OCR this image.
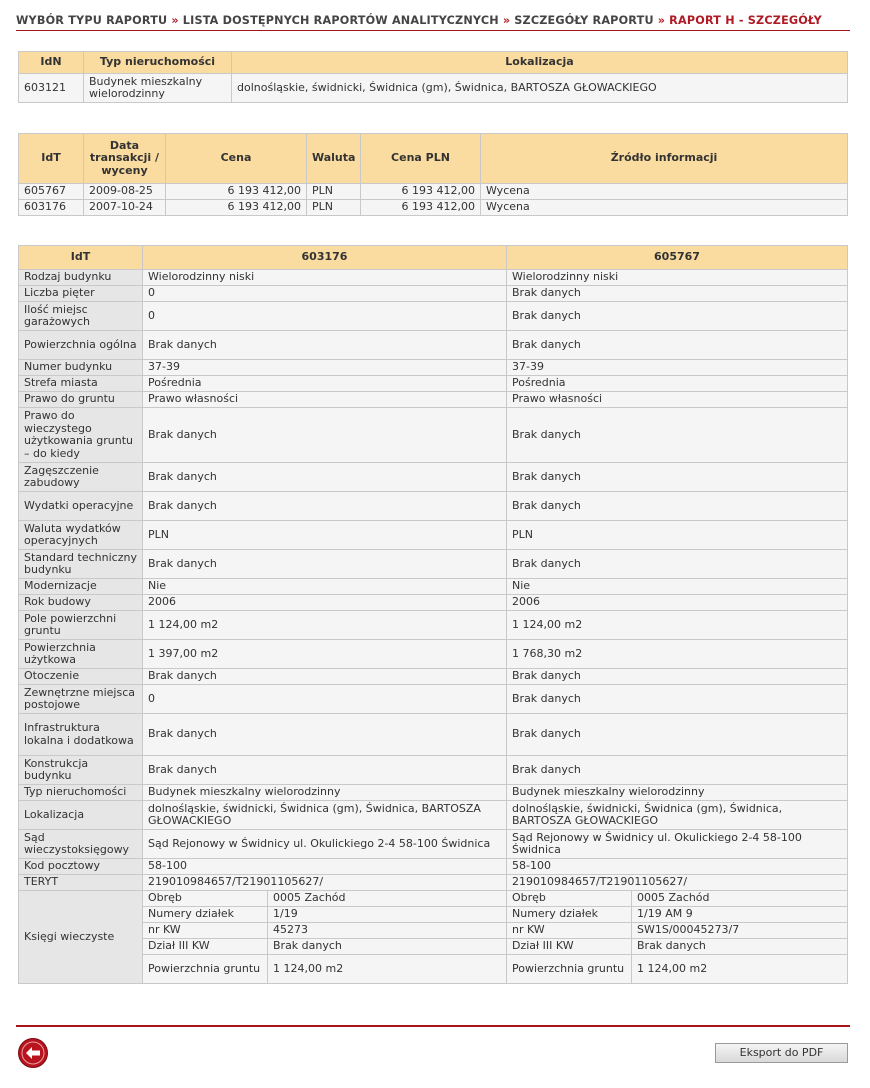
WYBÓR TYPU RAPORTU » LISTA DOSTĘPNYCH RAPORTÓW ANALITYCZNYCH » SZCZEGÓŁY RAPORTU » RAPORT H - SZCZEGÓŁY
IdN	Typ nieruchomości	Lokalizacja
603121	Budynek mieszkalny wielorodzinny	dolnośląskie, świdnicki, Świdnica (gm), Świdnica, BARTOSZA GŁOWACKIEGO
IdT	Data transakcji / wyceny	Cena	Waluta	Cena PLN	Źródło informacji
605767	2009-08-25	6 193 412,00	PLN	6 193 412,00	Wycena
603176	2007-10-24	6 193 412,00	PLN	6 193 412,00	Wycena
IdT	603176		605767	
Rodzaj budynku	Wielorodzinny niski		Wielorodzinny niski	
Liczba pięter	0		Brak danych	
Ilość miejsc garażowych	0		Brak danych	
Powierzchnia ogólna	Brak danych		Brak danych	
Numer budynku	37-39		37-39	
Strefa miasta	Pośrednia		Pośrednia	
Prawo do gruntu	Prawo własności		Prawo własności	
Prawo do wieczystego użytkowania gruntu – do kiedy	Brak danych		Brak danych	
Zagęszczenie zabudowy	Brak danych		Brak danych	
Wydatki operacyjne	Brak danych		Brak danych	
Waluta wydatków operacyjnych	PLN		PLN	
Standard techniczny budynku	Brak danych		Brak danych	
Modernizacje	Nie		Nie	
Rok budowy	2006		2006	
Pole powierzchni gruntu	1 124,00 m2		1 124,00 m2	
Powierzchnia użytkowa	1 397,00 m2		1 768,30 m2	
Otoczenie	Brak danych		Brak danych	
Zewnętrzne miejsca postojowe	0		Brak danych	
Infrastruktura lokalna i dodatkowa	Brak danych		Brak danych	
Konstrukcja budynku	Brak danych		Brak danych	
Typ nieruchomości	Budynek mieszkalny wielorodzinny		Budynek mieszkalny wielorodzinny	
Lokalizacja	dolnośląskie, świdnicki, Świdnica (gm), Świdnica, BARTOSZA GŁOWACKIEGO		dolnośląskie, świdnicki, Świdnica (gm), Świdnica, BARTOSZA GŁOWACKIEGO	
Sąd wieczystoksięgowy	Sąd Rejonowy w Świdnicy ul. Okulickiego 2-4 58-100 Świdnica		Sąd Rejonowy w Świdnicy ul. Okulickiego 2-4 58-100 Świdnica	
Kod pocztowy	58-100		58-100	
TERYT	219010984657/T21901105627/		219010984657/T21901105627/	
Księgi wieczyste	Obręb	0005 Zachód	Obręb	0005 Zachód
	Numery działek	1/19	Numery działek	1/19 AM 9
	nr KW	45273	nr KW	SW1S/00045273/7
	Dział III KW	Brak danych	Dział III KW	Brak danych
	Powierzchnia gruntu	1 124,00 m2	Powierzchnia gruntu	1 124,00 m2
Eksport do PDF
